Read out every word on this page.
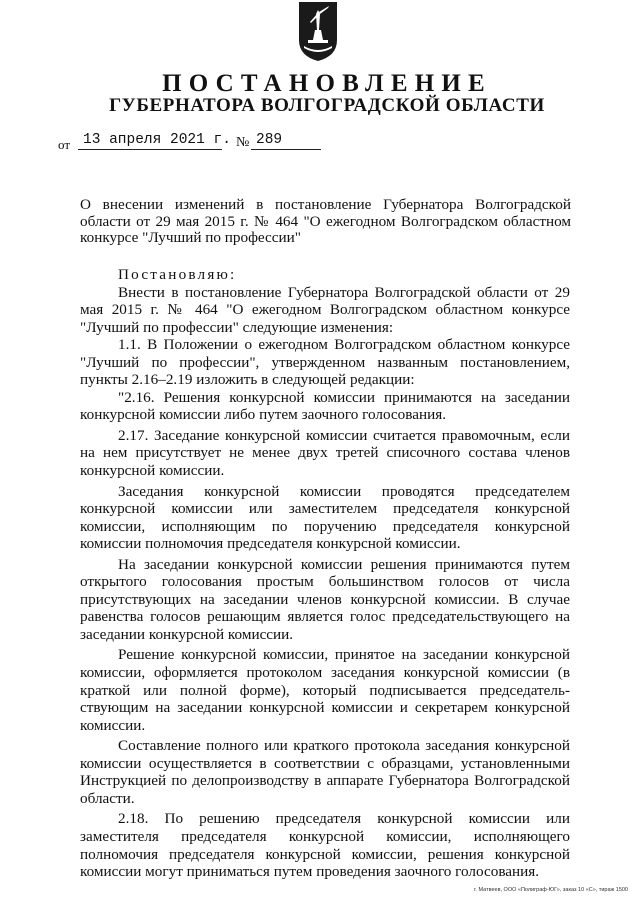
ПОСТАНОВЛЕНИЕ
ГУБЕРНАТОРА ВОЛГОГРАДСКОЙ ОБЛАСТИ
от 13 апреля 2021 г. № 289

О внесении изменений в постановление Губернатора Волгоградской области от 29 мая 2015 г. № 464 "О ежегодном Волгоградском областном конкурсе "Лучший по профессии"

Постановляю:

Внести в постановление Губернатора Волгоградской области от 29 мая 2015 г. № 464 "О ежегодном Волгоградском областном конкурсе "Лучший по профессии" следующие изменения:

1.1. В Положении о ежегодном Волгоградском областном конкурсе "Лучший по профессии", утвержденном названным постановлением, пункты 2.16–2.19 изложить в следующей редакции:

"2.16. Решения конкурсной комиссии принимаются на заседании конкурсной комиссии либо путем заочного голосования.

2.17. Заседание конкурсной комиссии считается правомочным, если на нем присутствует не менее двух третей списочного состава членов конкурсной комиссии.

Заседания конкурсной комиссии проводятся председателем конкурсной комиссии или заместителем председателя конкурсной комиссии, исполняющим по поручению председателя конкурсной комиссии полномочия председателя конкурсной комиссии.

На заседании конкурсной комиссии решения принимаются путем открытого голосования простым большинством голосов от числа присутствующих на заседании членов конкурсной комиссии. В случае равенства голосов решающим является голос председательствующего на заседании конкурсной комиссии.

Решение конкурсной комиссии, принятое на заседании конкурсной комиссии, оформляется протоколом заседания конкурсной комиссии (в краткой или полной форме), который подписывается председательствующим на заседании конкурсной комиссии и секретарем конкурсной комиссии.

Составление полного или краткого протокола заседания конкурсной комиссии осуществляется в соответствии с образцами, установленными Инструкцией по делопроизводству в аппарате Губернатора Волгоградской области.

2.18. По решению председателя конкурсной комиссии или заместителя председателя конкурсной комиссии, исполняющего полномочия председателя конкурсной комиссии, решения конкурсной комиссии могут приниматься путем проведения заочного голосования.

г. Матвеев, ООО «Полиграф-ЮГ», заказ 10 «С», тираж 1500
